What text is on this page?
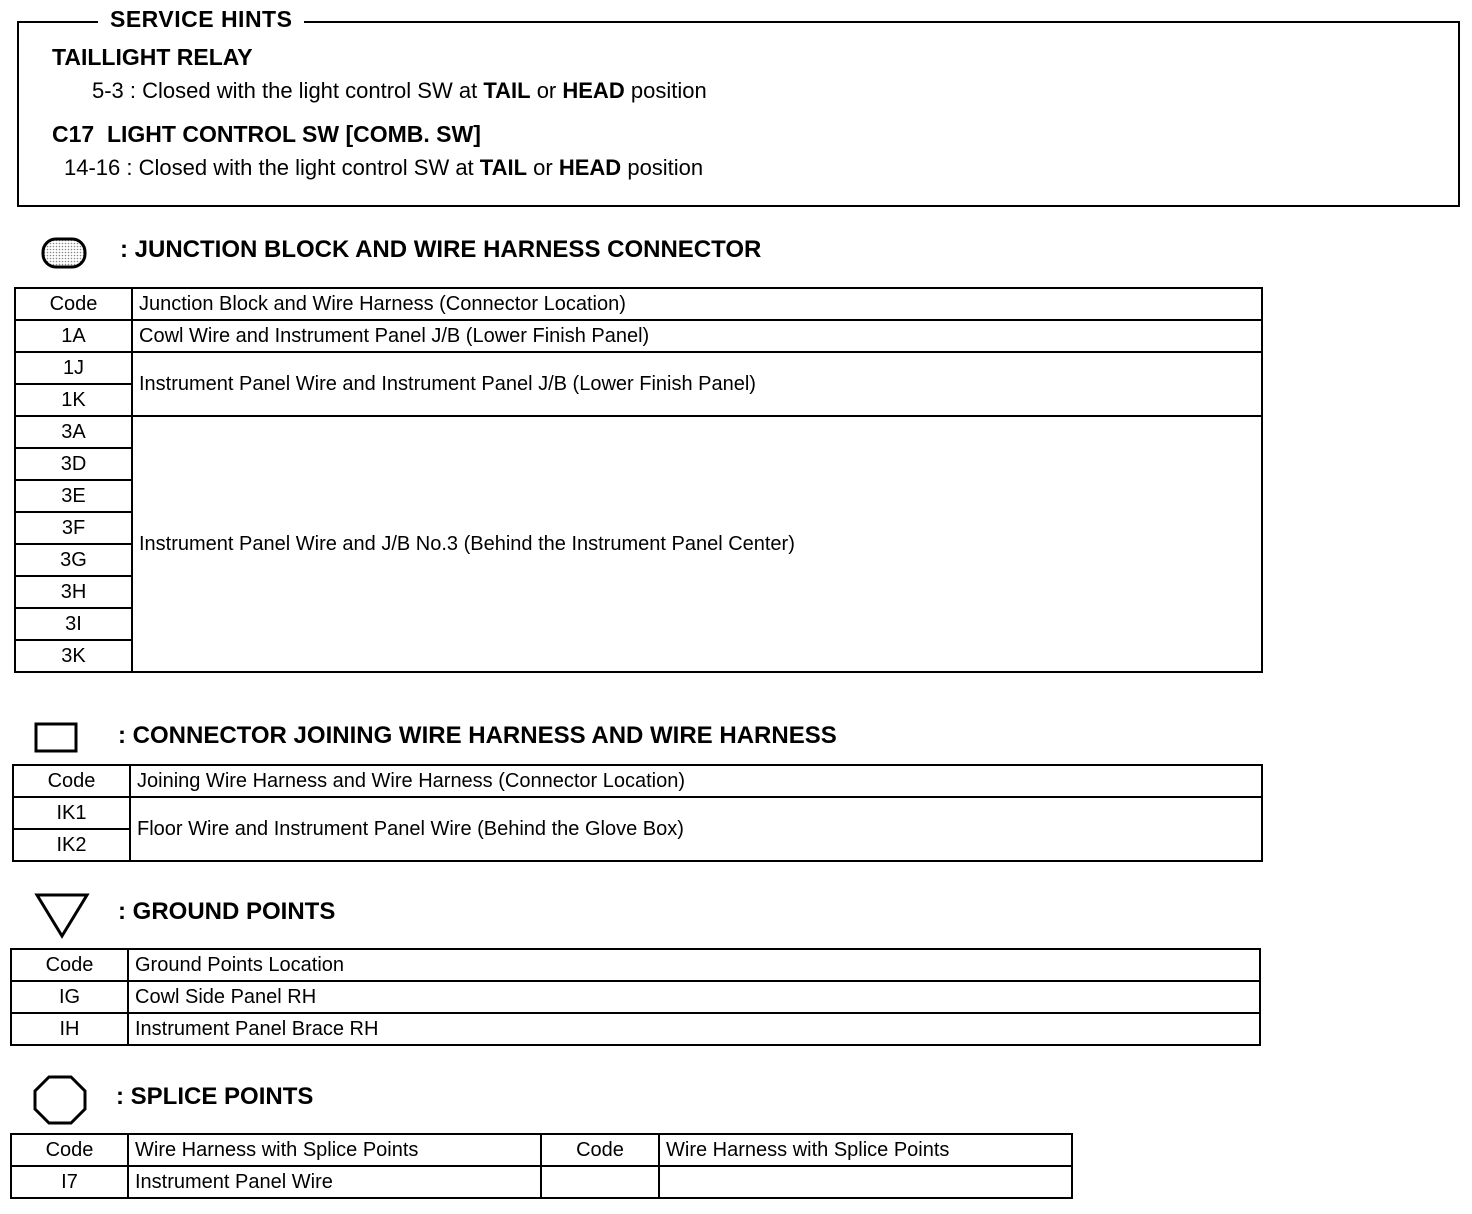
SERVICE HINTS
TAILLIGHT RELAY
5-3 : Closed with the light control SW at TAIL or HEAD position
C17  LIGHT CONTROL SW [COMB. SW]
14-16 : Closed with the light control SW at TAIL or HEAD position
: JUNCTION BLOCK AND WIRE HARNESS CONNECTOR
Code	Junction Block and Wire Harness (Connector Location)
1A	Cowl Wire and Instrument Panel J/B (Lower Finish Panel)
1J	Instrument Panel Wire and Instrument Panel J/B (Lower Finish Panel)
1K	
3A	Instrument Panel Wire and J/B No.3 (Behind the Instrument Panel Center)
3D	
3E	
3F	
3G	
3H	
3I	
3K	
: CONNECTOR JOINING WIRE HARNESS AND WIRE HARNESS
Code	Joining Wire Harness and Wire Harness (Connector Location)
IK1	Floor Wire and Instrument Panel Wire (Behind the Glove Box)
IK2	
: GROUND POINTS
Code	Ground Points Location
IG	Cowl Side Panel RH
IH	Instrument Panel Brace RH
: SPLICE POINTS
Code	Wire Harness with Splice Points	Code	Wire Harness with Splice Points
I7	Instrument Panel Wire		
